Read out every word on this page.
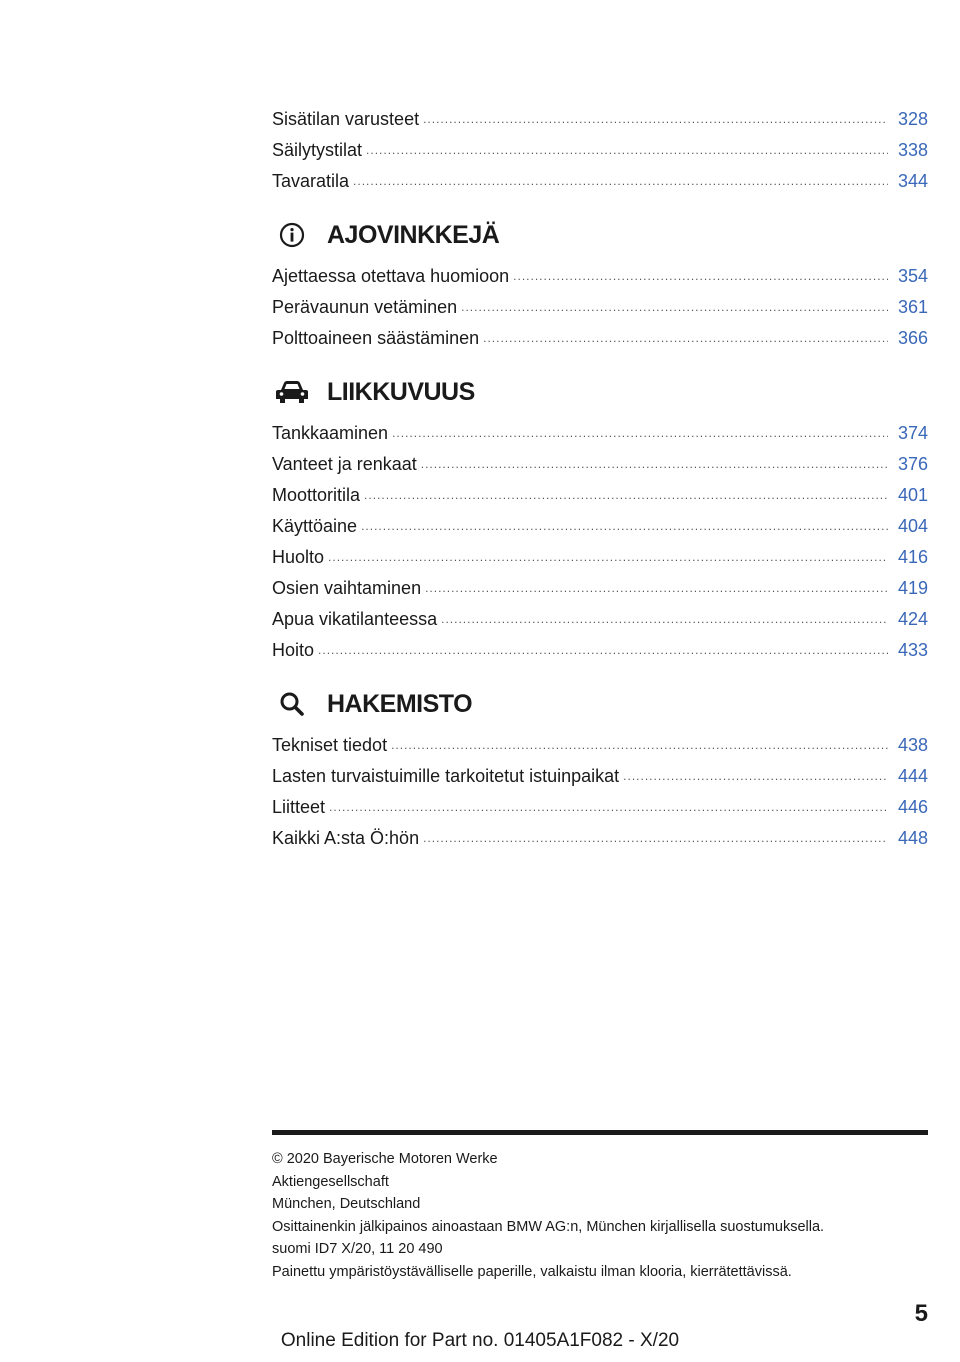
Sisätilan varusteet .....	328
Säilytystilat .....	338
Tavaratila .....	344
AJOVINKKEJÄ
Ajettaessa otettava huomioon .....	354
Perävaunun vetäminen .....	361
Polttoaineen säästäminen .....	366
LIIKKUVUUS
Tankkaaminen .....	374
Vanteet ja renkaat .....	376
Moottoritila .....	401
Käyttöaine .....	404
Huolto .....	416
Osien vaihtaminen .....	419
Apua vikatilanteessa .....	424
Hoito .....	433
HAKEMISTO
Tekniset tiedot .....	438
Lasten turvaistuimille tarkoitetut istuinpaikat .....	444
Liitteet .....	446
Kaikki A:sta Ö:hön .....	448
© 2020 Bayerische Motoren Werke
Aktiengesellschaft
München, Deutschland
Osittainenkin jälkipainos ainoastaan BMW AG:n, München kirjallisella suostumuksella.
suomi ID7 X/20, 11 20 490
Painettu ympäristöystävälliselle paperille, valkaistu ilman klooria, kierrätettävissä.
5
Online Edition for Part no. 01405A1F082 - X/20
